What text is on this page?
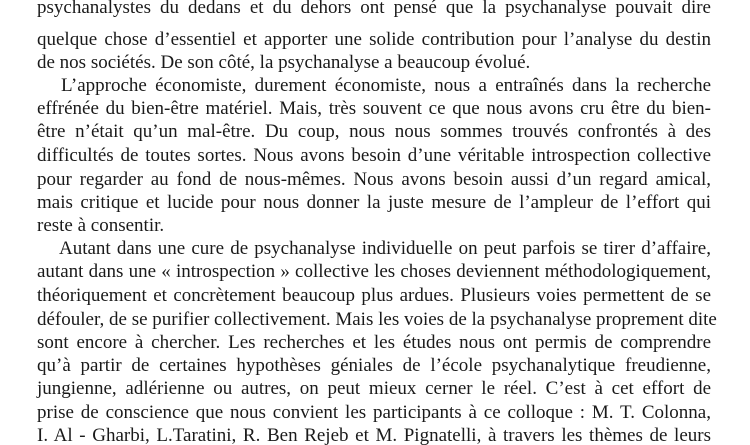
psychanalystes du dedans et du dehors ont pensé que la psychanalyse pouvait dire
quelque chose d’essentiel et apporter une solide contribution pour l’analyse du destin
de nos sociétés. De son côté, la psychanalyse a beaucoup évolué.
L’approche économiste, durement économiste, nous a entraînés dans la recherche
effrénée du bien-être matériel. Mais, très souvent ce que nous avons cru être du bien-
être n’était qu’un mal-être. Du coup, nous nous sommes trouvés confrontés à des
difficultés de toutes sortes. Nous avons besoin d’une véritable introspection collective
pour regarder au fond de nous-mêmes. Nous avons besoin aussi d’un regard amical,
mais critique et lucide pour nous donner la juste mesure de l’ampleur de l’effort qui
reste à consentir.
Autant dans une cure de psychanalyse individuelle on peut parfois se tirer d’affaire,
autant dans une « introspection » collective les choses deviennent méthodologiquement,
théoriquement et concrètement beaucoup plus ardues. Plusieurs voies permettent de se
défouler, de se purifier collectivement. Mais les voies de la psychanalyse proprement dite
sont encore à chercher. Les recherches et les études nous ont permis de comprendre
qu’à partir de certaines hypothèses géniales de l’école psychanalytique freudienne,
jungienne, adlérienne ou autres, on peut mieux cerner le réel. C’est à cet effort de
prise de conscience que nous convient les participants à ce colloque : M. T. Colonna,
I. Al - Gharbi, L.Taratini, R. Ben Rejeb et M. Pignatelli, à travers les thèmes de leurs
